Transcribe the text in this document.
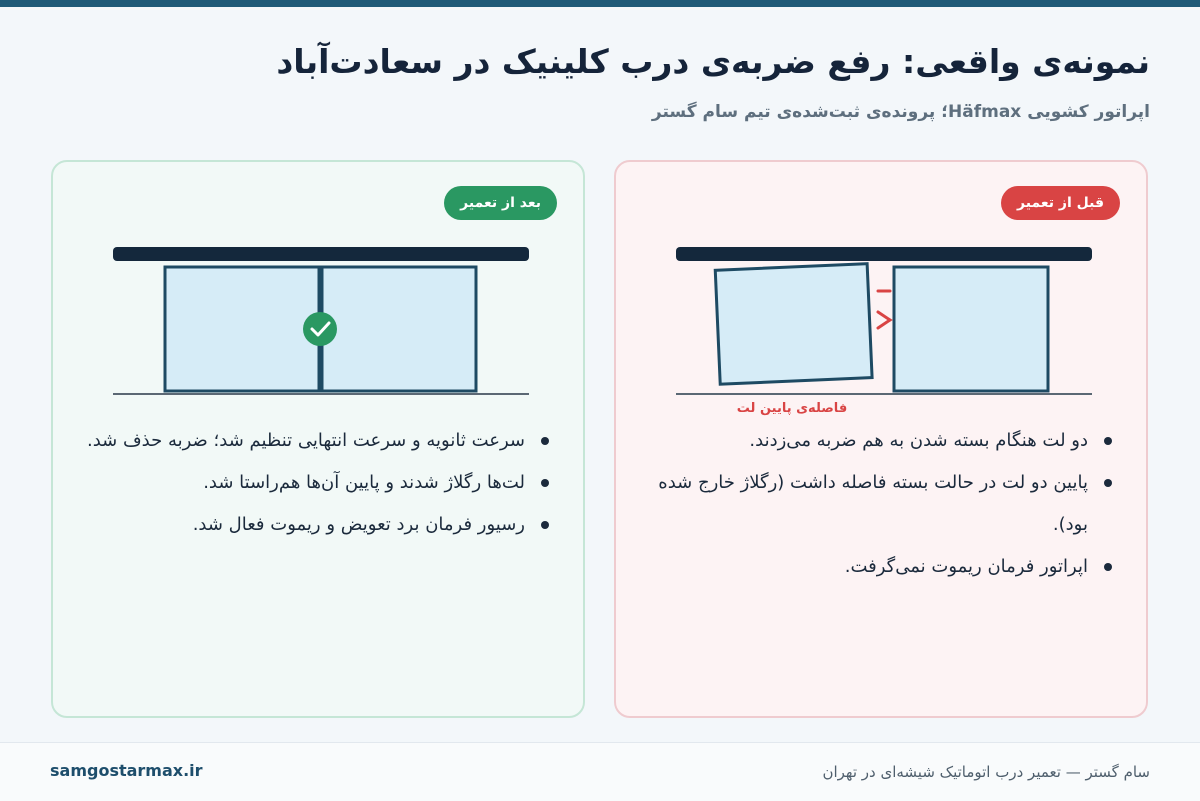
نمونه‌ی واقعی: رفع ضربه‌ی درب کلینیک در سعادت‌آباد
اپراتور کشویی Häfmax؛ پرونده‌ی ثبت‌شده‌ی تیم سام گستر
قبل از تعمیر
فاصله‌ی پایین لت
دو لت هنگام بسته شدن به هم ضربه می‌زدند.
پایین دو لت در حالت بسته فاصله داشت (رگلاژ خارج شده بود).
اپراتور فرمان ریموت نمی‌گرفت.
بعد از تعمیر
سرعت ثانویه و سرعت انتهایی تنظیم شد؛ ضربه حذف شد.
لت‌ها رگلاژ شدند و پایین آن‌ها هم‌راستا شد.
رسیور فرمان برد تعویض و ریموت فعال شد.
samgostarmax.ir	سام گستر — تعمیر درب اتوماتیک شیشه‌ای در تهران
